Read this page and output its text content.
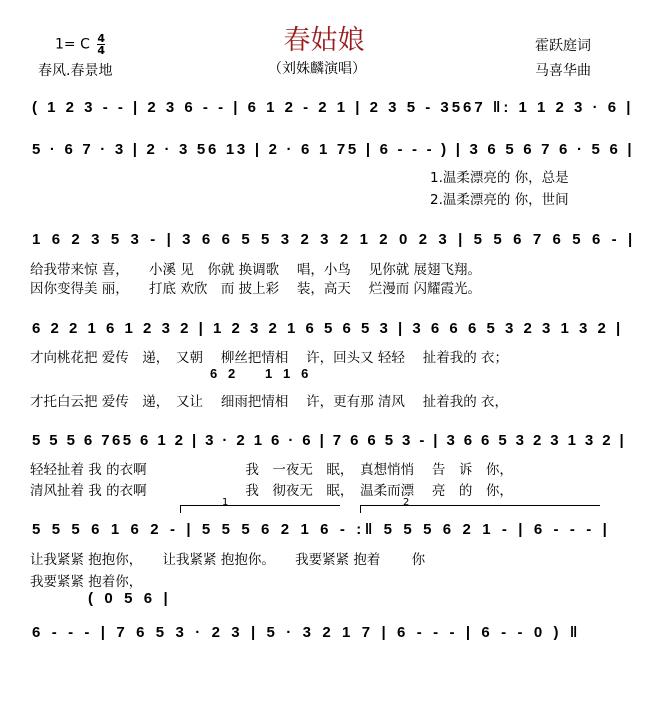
春姑娘
1= C $\frac{4}{4}$
春风.春景地	（刘姝麟演唱）
霍跃庭词
马喜华曲
( 1 2 3 - - | 2 3 6 - - | 6 1 2 - 2 1 | 2 3 5 - 3567 ‖: 1 1 2 3 · 6 |
5 · 6 7 · 3 | 2 · 3 56 13 | 2 · 6 1 75 | 6 - - - ) | 3 6 5 6 7 6 · 5 6 |
1.温柔漂亮的 你，总是
2.温柔漂亮的 你，世间
1 6 2 3 5 3 - | 3 6 6 5 5 3 2 3 2 1 2 0 2 3 | 5 5 6 7 6 5 6 - |
给我带来惊 喜，　　小溪 见　你就 换调歌　 唱，小鸟　 见你就 展翅飞翔。
因你变得美 丽，　　打底 欢欣　而 披上彩　 装，高天　 烂漫而 闪耀霞光。
6 2 2 1 6 1 2 3 2 | 1 2 3 2 1 6 5 6 5 3 | 3 6 6 6 5 3 2 3 1 3 2 |
才向桃花把 爱传　递，　又朝　 柳丝把情相　 许，回头又 轻轻　 扯着我的 衣；
6 2 1 1 6
才托白云把 爱传　递，　又让　 细雨把情相　 许，更有那 清风　 扯着我的 衣，
5 5 5 6 765 6 1 2 | 3 · 2 1 6 · 6 | 7 6 6 5 3 - | 3 6 6 5 3 2 3 1 3 2 |
轻轻扯着 我 的衣啊　　　　　　　 我　一夜无　眠，　真想悄悄　 告　诉　你，
清风扯着 我 的衣啊　　　　　　　 我　彻夜无　眠，　温柔而漂　 亮　的　你，
1	2
5 5 5 6 1 6 2 - | 5 5 5 6 2 1 6 - :‖ 5 5 5 6 2 1 - | 6 - - - |
让我紧紧 抱抱你，　　让我紧紧 抱抱你。　　我要紧紧 抱着　　 你
我要紧紧 抱着你，
( 0 5 6 |
6 - - - | 7 6 5 3 · 2 3 | 5 · 3 2 1 7 | 6 - - - | 6 - - 0 ) ‖
